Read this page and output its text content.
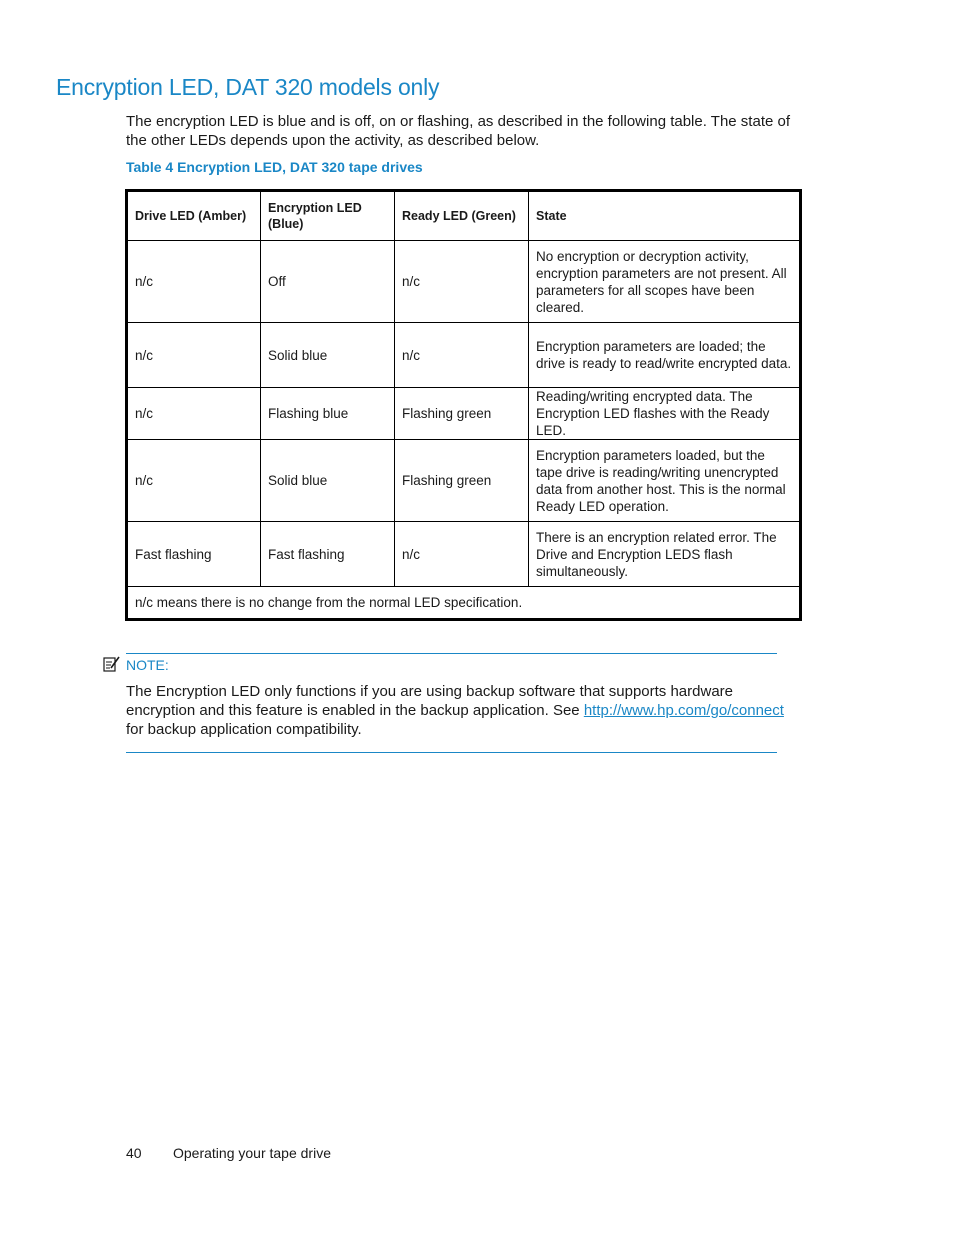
Encryption LED, DAT 320 models only

The encryption LED is blue and is off, on or flashing, as described in the following table. The state of the other LEDs depends upon the activity, as described below.

Table 4 Encryption LED, DAT 320 tape drives

Drive LED (Amber)	Encryption LED (Blue)	Ready LED (Green)	State
n/c	Off	n/c	No encryption or decryption activity, encryption parameters are not present. All parameters for all scopes have been cleared.
n/c	Solid blue	n/c	Encryption parameters are loaded; the drive is ready to read/write encrypted data.
n/c	Flashing blue	Flashing green	Reading/writing encrypted data. The Encryption LED flashes with the Ready LED.
n/c	Solid blue	Flashing green	Encryption parameters loaded, but the tape drive is reading/writing unencrypted data from another host. This is the normal Ready LED operation.
Fast flashing	Fast flashing	n/c	There is an encryption related error. The Drive and Encryption LEDS flash simultaneously.
n/c means there is no change from the normal LED specification.			
NOTE:

The Encryption LED only functions if you are using backup software that supports hardware encryption and this feature is enabled in the backup application. See http://www.hp.com/go/connect for backup application compatibility.

40 Operating your tape drive
